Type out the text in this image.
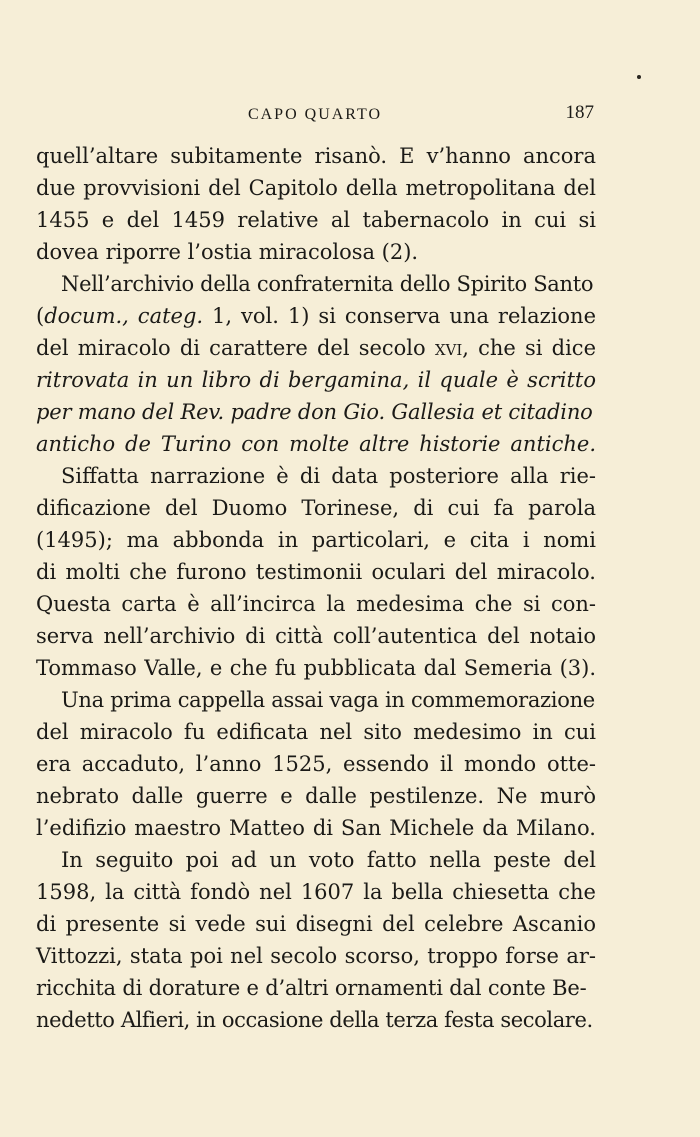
CAPO QUARTO	187
quell’altare subitamente risanò. E v’hanno ancora
due provvisioni del Capitolo della metropolitana del
1455 e del 1459 relative al tabernacolo in cui si
dovea riporre l’ostia miracolosa (2).
Nell’archivio della confraternita dello Spirito Santo
(docum., categ. 1, vol. 1) si conserva una relazione
del miracolo di carattere del secolo xvi, che si dice
ritrovata in un libro di bergamina, il quale è scritto
per mano del Rev. padre don Gio. Gallesia et citadino
anticho de Turino con molte altre historie antiche.
Siffatta narrazione è di data posteriore alla rie-
dificazione del Duomo Torinese, di cui fa parola
(1495); ma abbonda in particolari, e cita i nomi
di molti che furono testimonii oculari del miracolo.
Questa carta è all’incirca la medesima che si con-
serva nell’archivio di città coll’autentica del notaio
Tommaso Valle, e che fu pubblicata dal Semeria (3).
Una prima cappella assai vaga in commemorazione
del miracolo fu edificata nel sito medesimo in cui
era accaduto, l’anno 1525, essendo il mondo otte-
nebrato dalle guerre e dalle pestilenze. Ne murò
l’edifizio maestro Matteo di San Michele da Milano.
In seguito poi ad un voto fatto nella peste del
1598, la città fondò nel 1607 la bella chiesetta che
di presente si vede sui disegni del celebre Ascanio
Vittozzi, stata poi nel secolo scorso, troppo forse ar-
ricchita di dorature e d’altri ornamenti dal conte Be-
nedetto Alfieri, in occasione della terza festa secolare.
